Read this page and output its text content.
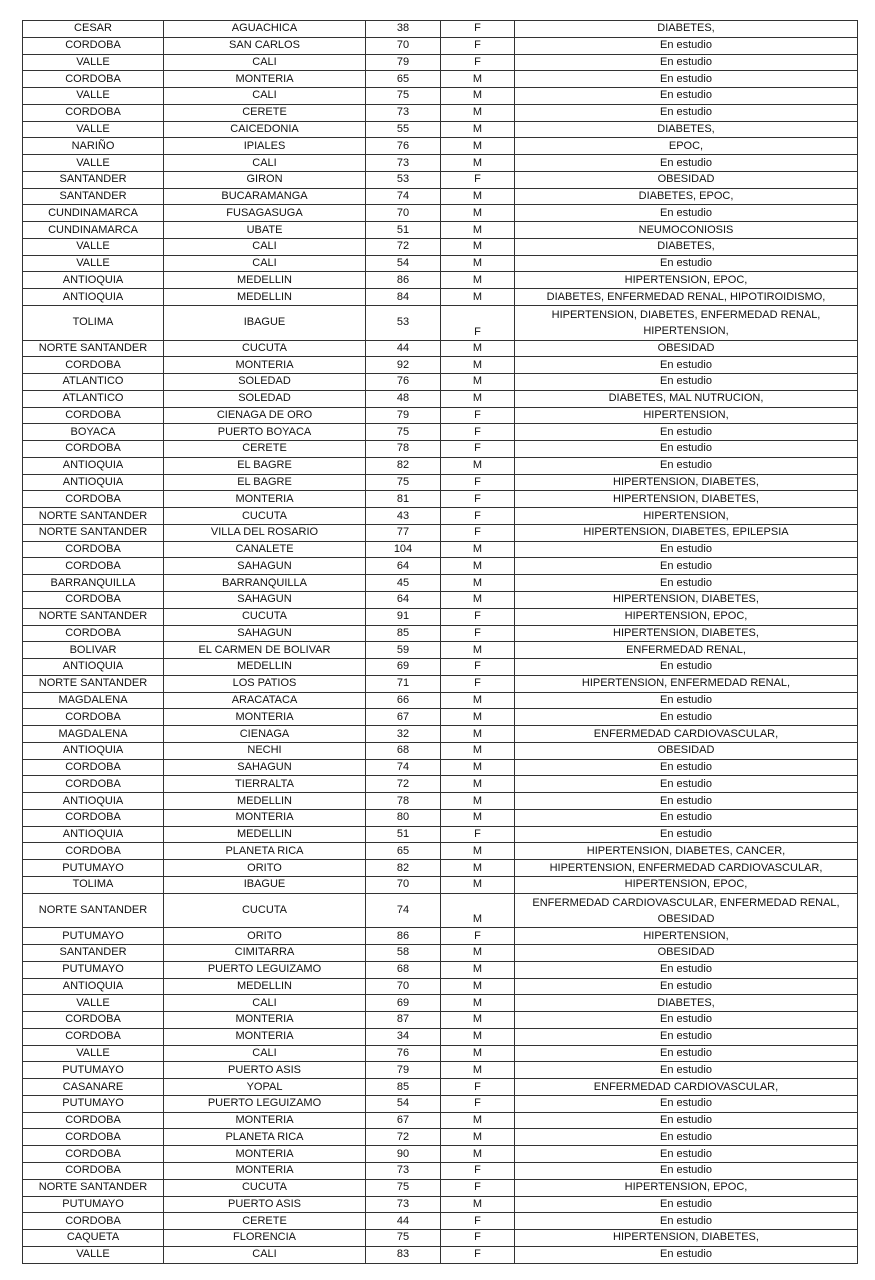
CESAR	AGUACHICA	38	F	DIABETES,
CORDOBA	SAN CARLOS	70	F	En estudio
VALLE	CALI	79	F	En estudio
CORDOBA	MONTERIA	65	M	En estudio
VALLE	CALI	75	M	En estudio
CORDOBA	CERETE	73	M	En estudio
VALLE	CAICEDONIA	55	M	DIABETES,
NARIÑO	IPIALES	76	M	EPOC,
VALLE	CALI	73	M	En estudio
SANTANDER	GIRON	53	F	OBESIDAD
SANTANDER	BUCARAMANGA	74	M	DIABETES, EPOC,
CUNDINAMARCA	FUSAGASUGA	70	M	En estudio
CUNDINAMARCA	UBATE	51	M	NEUMOCONIOSIS
VALLE	CALI	72	M	DIABETES,
VALLE	CALI	54	M	En estudio
ANTIOQUIA	MEDELLIN	86	M	HIPERTENSION, EPOC,
ANTIOQUIA	MEDELLIN	84	M	DIABETES, ENFERMEDAD RENAL, HIPOTIROIDISMO,
TOLIMA	IBAGUE	53	F	HIPERTENSION, DIABETES, ENFERMEDAD RENAL, HIPERTENSION,
NORTE SANTANDER	CUCUTA	44	M	OBESIDAD
CORDOBA	MONTERIA	92	M	En estudio
ATLANTICO	SOLEDAD	76	M	En estudio
ATLANTICO	SOLEDAD	48	M	DIABETES, MAL NUTRUCION,
CORDOBA	CIENAGA DE ORO	79	F	HIPERTENSION,
BOYACA	PUERTO BOYACA	75	F	En estudio
CORDOBA	CERETE	78	F	En estudio
ANTIOQUIA	EL BAGRE	82	M	En estudio
ANTIOQUIA	EL BAGRE	75	F	HIPERTENSION, DIABETES,
CORDOBA	MONTERIA	81	F	HIPERTENSION, DIABETES,
NORTE SANTANDER	CUCUTA	43	F	HIPERTENSION,
NORTE SANTANDER	VILLA DEL ROSARIO	77	F	HIPERTENSION, DIABETES, EPILEPSIA
CORDOBA	CANALETE	104	M	En estudio
CORDOBA	SAHAGUN	64	M	En estudio
BARRANQUILLA	BARRANQUILLA	45	M	En estudio
CORDOBA	SAHAGUN	64	M	HIPERTENSION, DIABETES,
NORTE SANTANDER	CUCUTA	91	F	HIPERTENSION, EPOC,
CORDOBA	SAHAGUN	85	F	HIPERTENSION, DIABETES,
BOLIVAR	EL CARMEN DE BOLIVAR	59	M	ENFERMEDAD RENAL,
ANTIOQUIA	MEDELLIN	69	F	En estudio
NORTE SANTANDER	LOS PATIOS	71	F	HIPERTENSION, ENFERMEDAD RENAL,
MAGDALENA	ARACATACA	66	M	En estudio
CORDOBA	MONTERIA	67	M	En estudio
MAGDALENA	CIENAGA	32	M	ENFERMEDAD CARDIOVASCULAR,
ANTIOQUIA	NECHI	68	M	OBESIDAD
CORDOBA	SAHAGUN	74	M	En estudio
CORDOBA	TIERRALTA	72	M	En estudio
ANTIOQUIA	MEDELLIN	78	M	En estudio
CORDOBA	MONTERIA	80	M	En estudio
ANTIOQUIA	MEDELLIN	51	F	En estudio
CORDOBA	PLANETA RICA	65	M	HIPERTENSION, DIABETES, CANCER,
PUTUMAYO	ORITO	82	M	HIPERTENSION, ENFERMEDAD CARDIOVASCULAR,
TOLIMA	IBAGUE	70	M	HIPERTENSION, EPOC,
NORTE SANTANDER	CUCUTA	74	M	ENFERMEDAD CARDIOVASCULAR, ENFERMEDAD RENAL, OBESIDAD
PUTUMAYO	ORITO	86	F	HIPERTENSION,
SANTANDER	CIMITARRA	58	M	OBESIDAD
PUTUMAYO	PUERTO LEGUIZAMO	68	M	En estudio
ANTIOQUIA	MEDELLIN	70	M	En estudio
VALLE	CALI	69	M	DIABETES,
CORDOBA	MONTERIA	87	M	En estudio
CORDOBA	MONTERIA	34	M	En estudio
VALLE	CALI	76	M	En estudio
PUTUMAYO	PUERTO ASIS	79	M	En estudio
CASANARE	YOPAL	85	F	ENFERMEDAD CARDIOVASCULAR,
PUTUMAYO	PUERTO LEGUIZAMO	54	F	En estudio
CORDOBA	MONTERIA	67	M	En estudio
CORDOBA	PLANETA RICA	72	M	En estudio
CORDOBA	MONTERIA	90	M	En estudio
CORDOBA	MONTERIA	73	F	En estudio
NORTE SANTANDER	CUCUTA	75	F	HIPERTENSION, EPOC,
PUTUMAYO	PUERTO ASIS	73	M	En estudio
CORDOBA	CERETE	44	F	En estudio
CAQUETA	FLORENCIA	75	F	HIPERTENSION, DIABETES,
VALLE	CALI	83	F	En estudio
